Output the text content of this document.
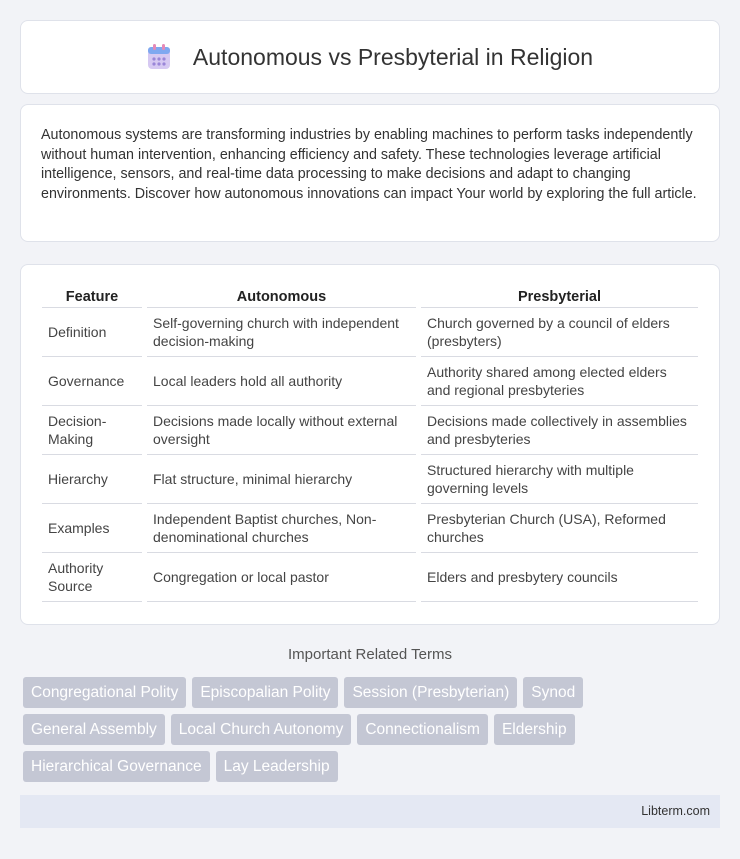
Autonomous vs Presbyterial in Religion

Autonomous systems are transforming industries by enabling machines to perform tasks independently without human intervention, enhancing efficiency and safety. These technologies leverage artificial intelligence, sensors, and real-time data processing to make decisions and adapt to changing environments. Discover how autonomous innovations can impact Your world by exploring the full article.

Feature	Autonomous	Presbyterial
Definition	Self-governing church with independent decision-making	Church governed by a council of elders (presbyters)
Governance	Local leaders hold all authority	Authority shared among elected elders and regional presbyteries
Decision-Making	Decisions made locally without external oversight	Decisions made collectively in assemblies and presbyteries
Hierarchy	Flat structure, minimal hierarchy	Structured hierarchy with multiple governing levels
Examples	Independent Baptist churches, Non-denominational churches	Presbyterian Church (USA), Reformed churches
Authority Source	Congregation or local pastor	Elders and presbytery councils
Important Related Terms
Congregational Polity	Episcopalian Polity	Session (Presbyterian)	Synod
General Assembly	Local Church Autonomy	Connectionalism	Eldership
Hierarchical Governance	Lay Leadership
Libterm.com
